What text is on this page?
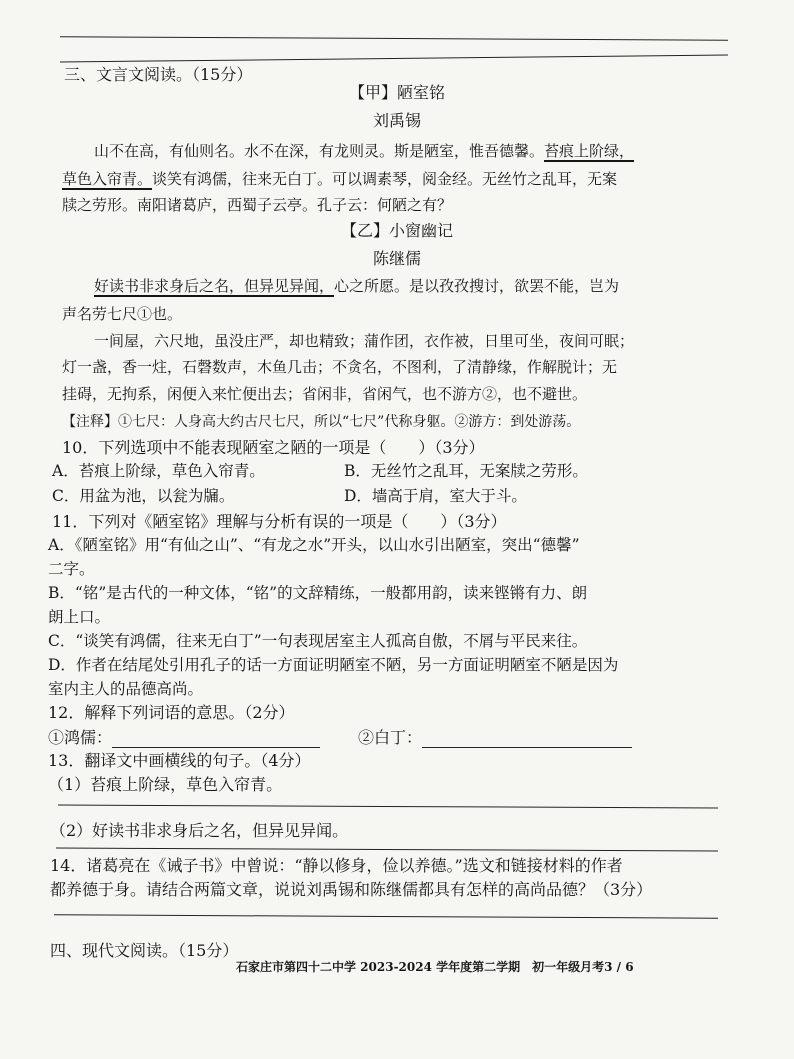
三、文言文阅读。（15分）
【甲】陋室铭
刘禹锡
山不在高，有仙则名。水不在深，有龙则灵。斯是陋室，惟吾德馨。苔痕上阶绿，
草色入帘青。谈笑有鸿儒，往来无白丁。可以调素琴，阅金经。无丝竹之乱耳，无案
牍之劳形。南阳诸葛庐，西蜀子云亭。孔子云：何陋之有？
【乙】小窗幽记
陈继儒
好读书非求身后之名，但异见异闻，心之所愿。是以孜孜搜讨，欲罢不能，岂为
声名劳七尺①也。
一间屋，六尺地，虽没庄严，却也精致；蒲作团，衣作被，日里可坐，夜间可眠；
灯一盏，香一炷，石磬数声，木鱼几击；不贪名，不图利，了清静缘，作解脱计；无
挂碍，无拘系，闲便入来忙便出去；省闲非，省闲气，也不游方②，也不避世。
【注释】①七尺：人身高大约古尺七尺，所以“七尺”代称身躯。②游方：到处游荡。
10．下列选项中不能表现陋室之陋的一项是（　　）（3分）
A．苔痕上阶绿，草色入帘青。	B．无丝竹之乱耳，无案牍之劳形。
C．用盆为池，以瓮为牖。	D．墙高于肩，室大于斗。
11．下列对《陋室铭》理解与分析有误的一项是（　　）（3分）
A．《陋室铭》用“有仙之山”、“有龙之水”开头，以山水引出陋室，突出“德馨”
二字。
B．“铭”是古代的一种文体，“铭”的文辞精练，一般都用韵，读来铿锵有力、朗
朗上口。
C．“谈笑有鸿儒，往来无白丁”一句表现居室主人孤高自傲，不屑与平民来往。
D．作者在结尾处引用孔子的话一方面证明陋室不陋，另一方面证明陋室不陋是因为
室内主人的品德高尚。
12．解释下列词语的意思。（2分）
①鸿儒：	②白丁：
13．翻译文中画横线的句子。（4分）
（1）苔痕上阶绿，草色入帘青。
（2）好读书非求身后之名，但异见异闻。
14．诸葛亮在《诫子书》中曾说：“静以修身，俭以养德。”选文和链接材料的作者
都养德于身。请结合两篇文章，说说刘禹锡和陈继儒都具有怎样的高尚品德？（3分）
四、现代文阅读。（15分）
石家庄市第四十二中学 2023-2024 学年度第二学期　初一年级月考3 / 6
